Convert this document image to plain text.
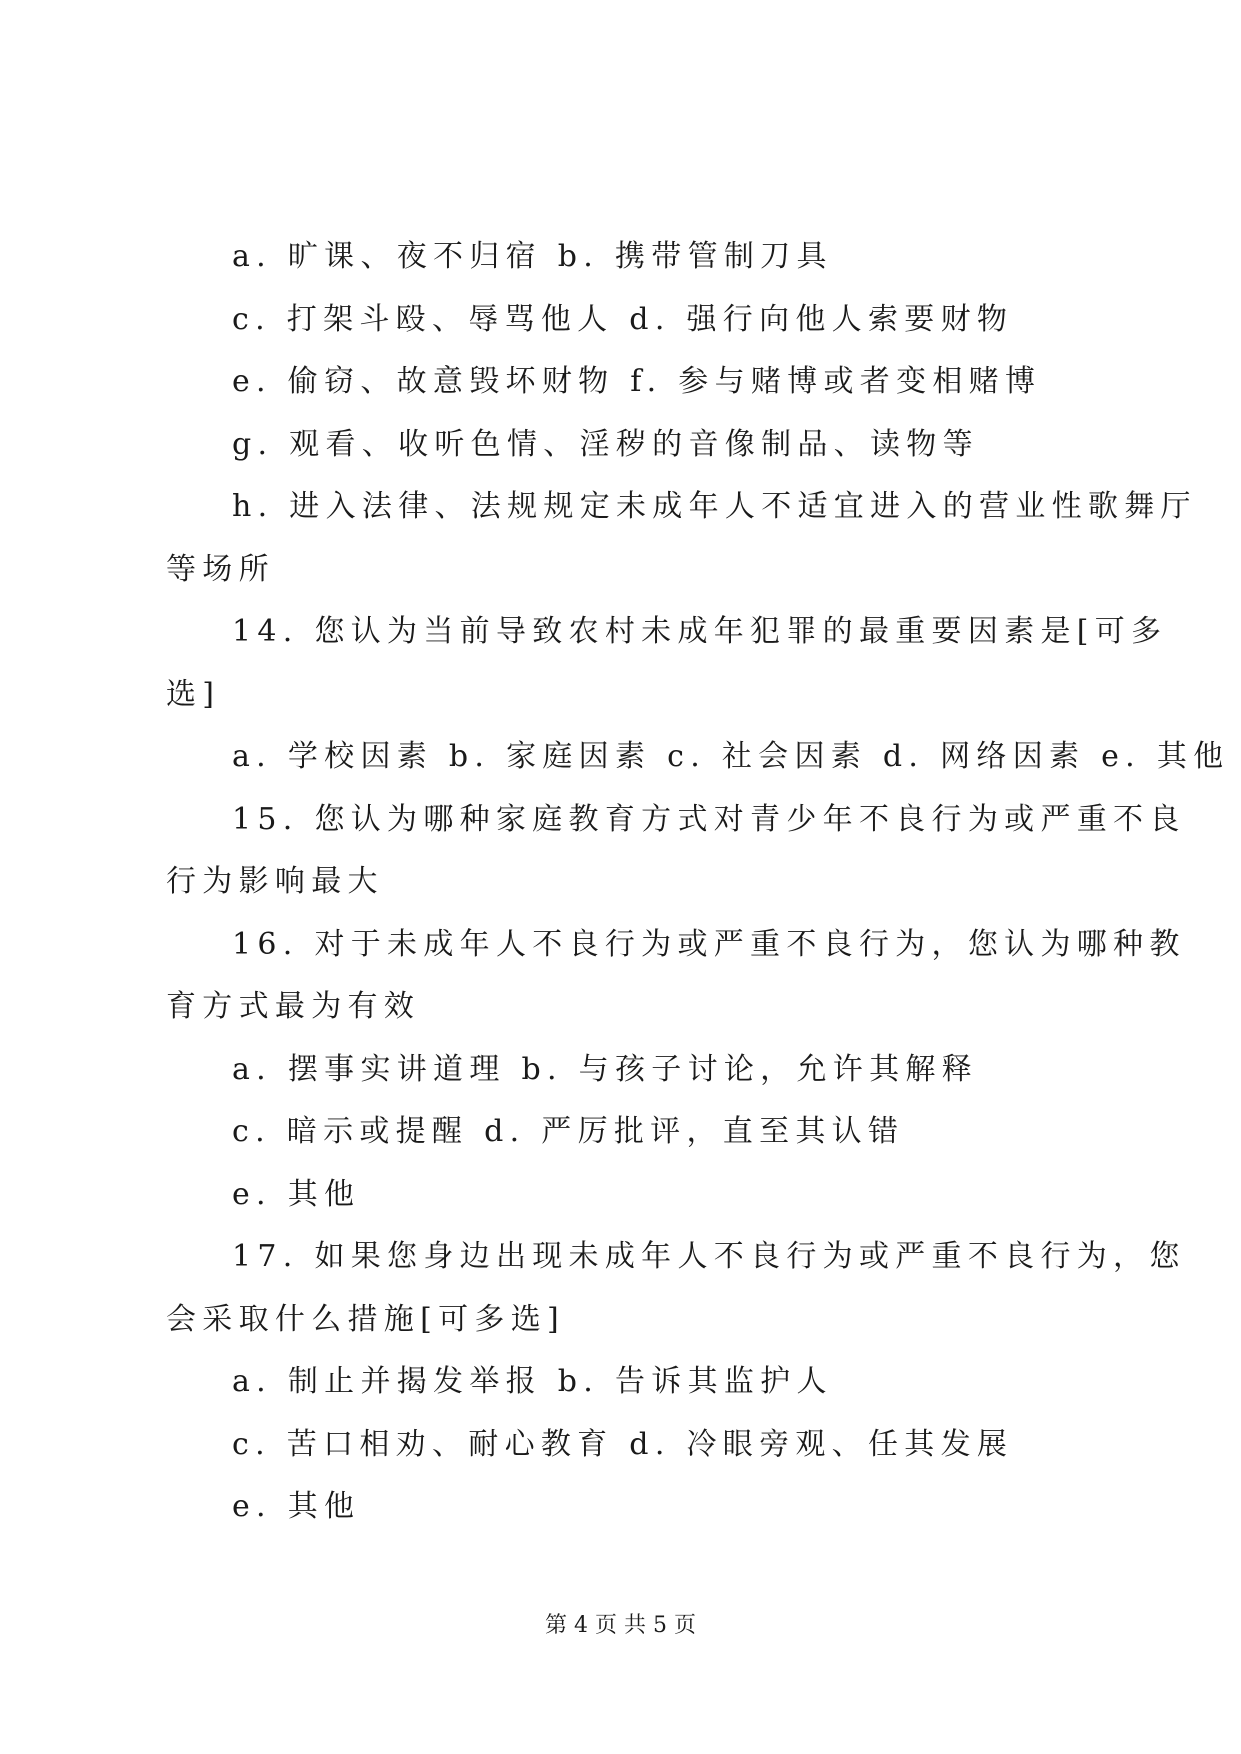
a. 旷课、夜不归宿 b. 携带管制刀具
c. 打架斗殴、辱骂他人 d. 强行向他人索要财物
e. 偷窃、故意毁坏财物 f. 参与赌博或者变相赌博
g. 观看、收听色情、淫秽的音像制品、读物等
h. 进入法律、法规规定未成年人不适宜进入的营业性歌舞厅
等场所
14. 您认为当前导致农村未成年犯罪的最重要因素是[可多
选]
a. 学校因素 b. 家庭因素 c. 社会因素 d. 网络因素 e. 其他
15. 您认为哪种家庭教育方式对青少年不良行为或严重不良
行为影响最大
16. 对于未成年人不良行为或严重不良行为，您认为哪种教
育方式最为有效
a. 摆事实讲道理 b. 与孩子讨论，允许其解释
c. 暗示或提醒 d. 严厉批评，直至其认错
e. 其他
17. 如果您身边出现未成年人不良行为或严重不良行为，您
会采取什么措施[可多选]
a. 制止并揭发举报 b. 告诉其监护人
c. 苦口相劝、耐心教育 d. 冷眼旁观、任其发展
e. 其他
第 4 页 共 5 页
